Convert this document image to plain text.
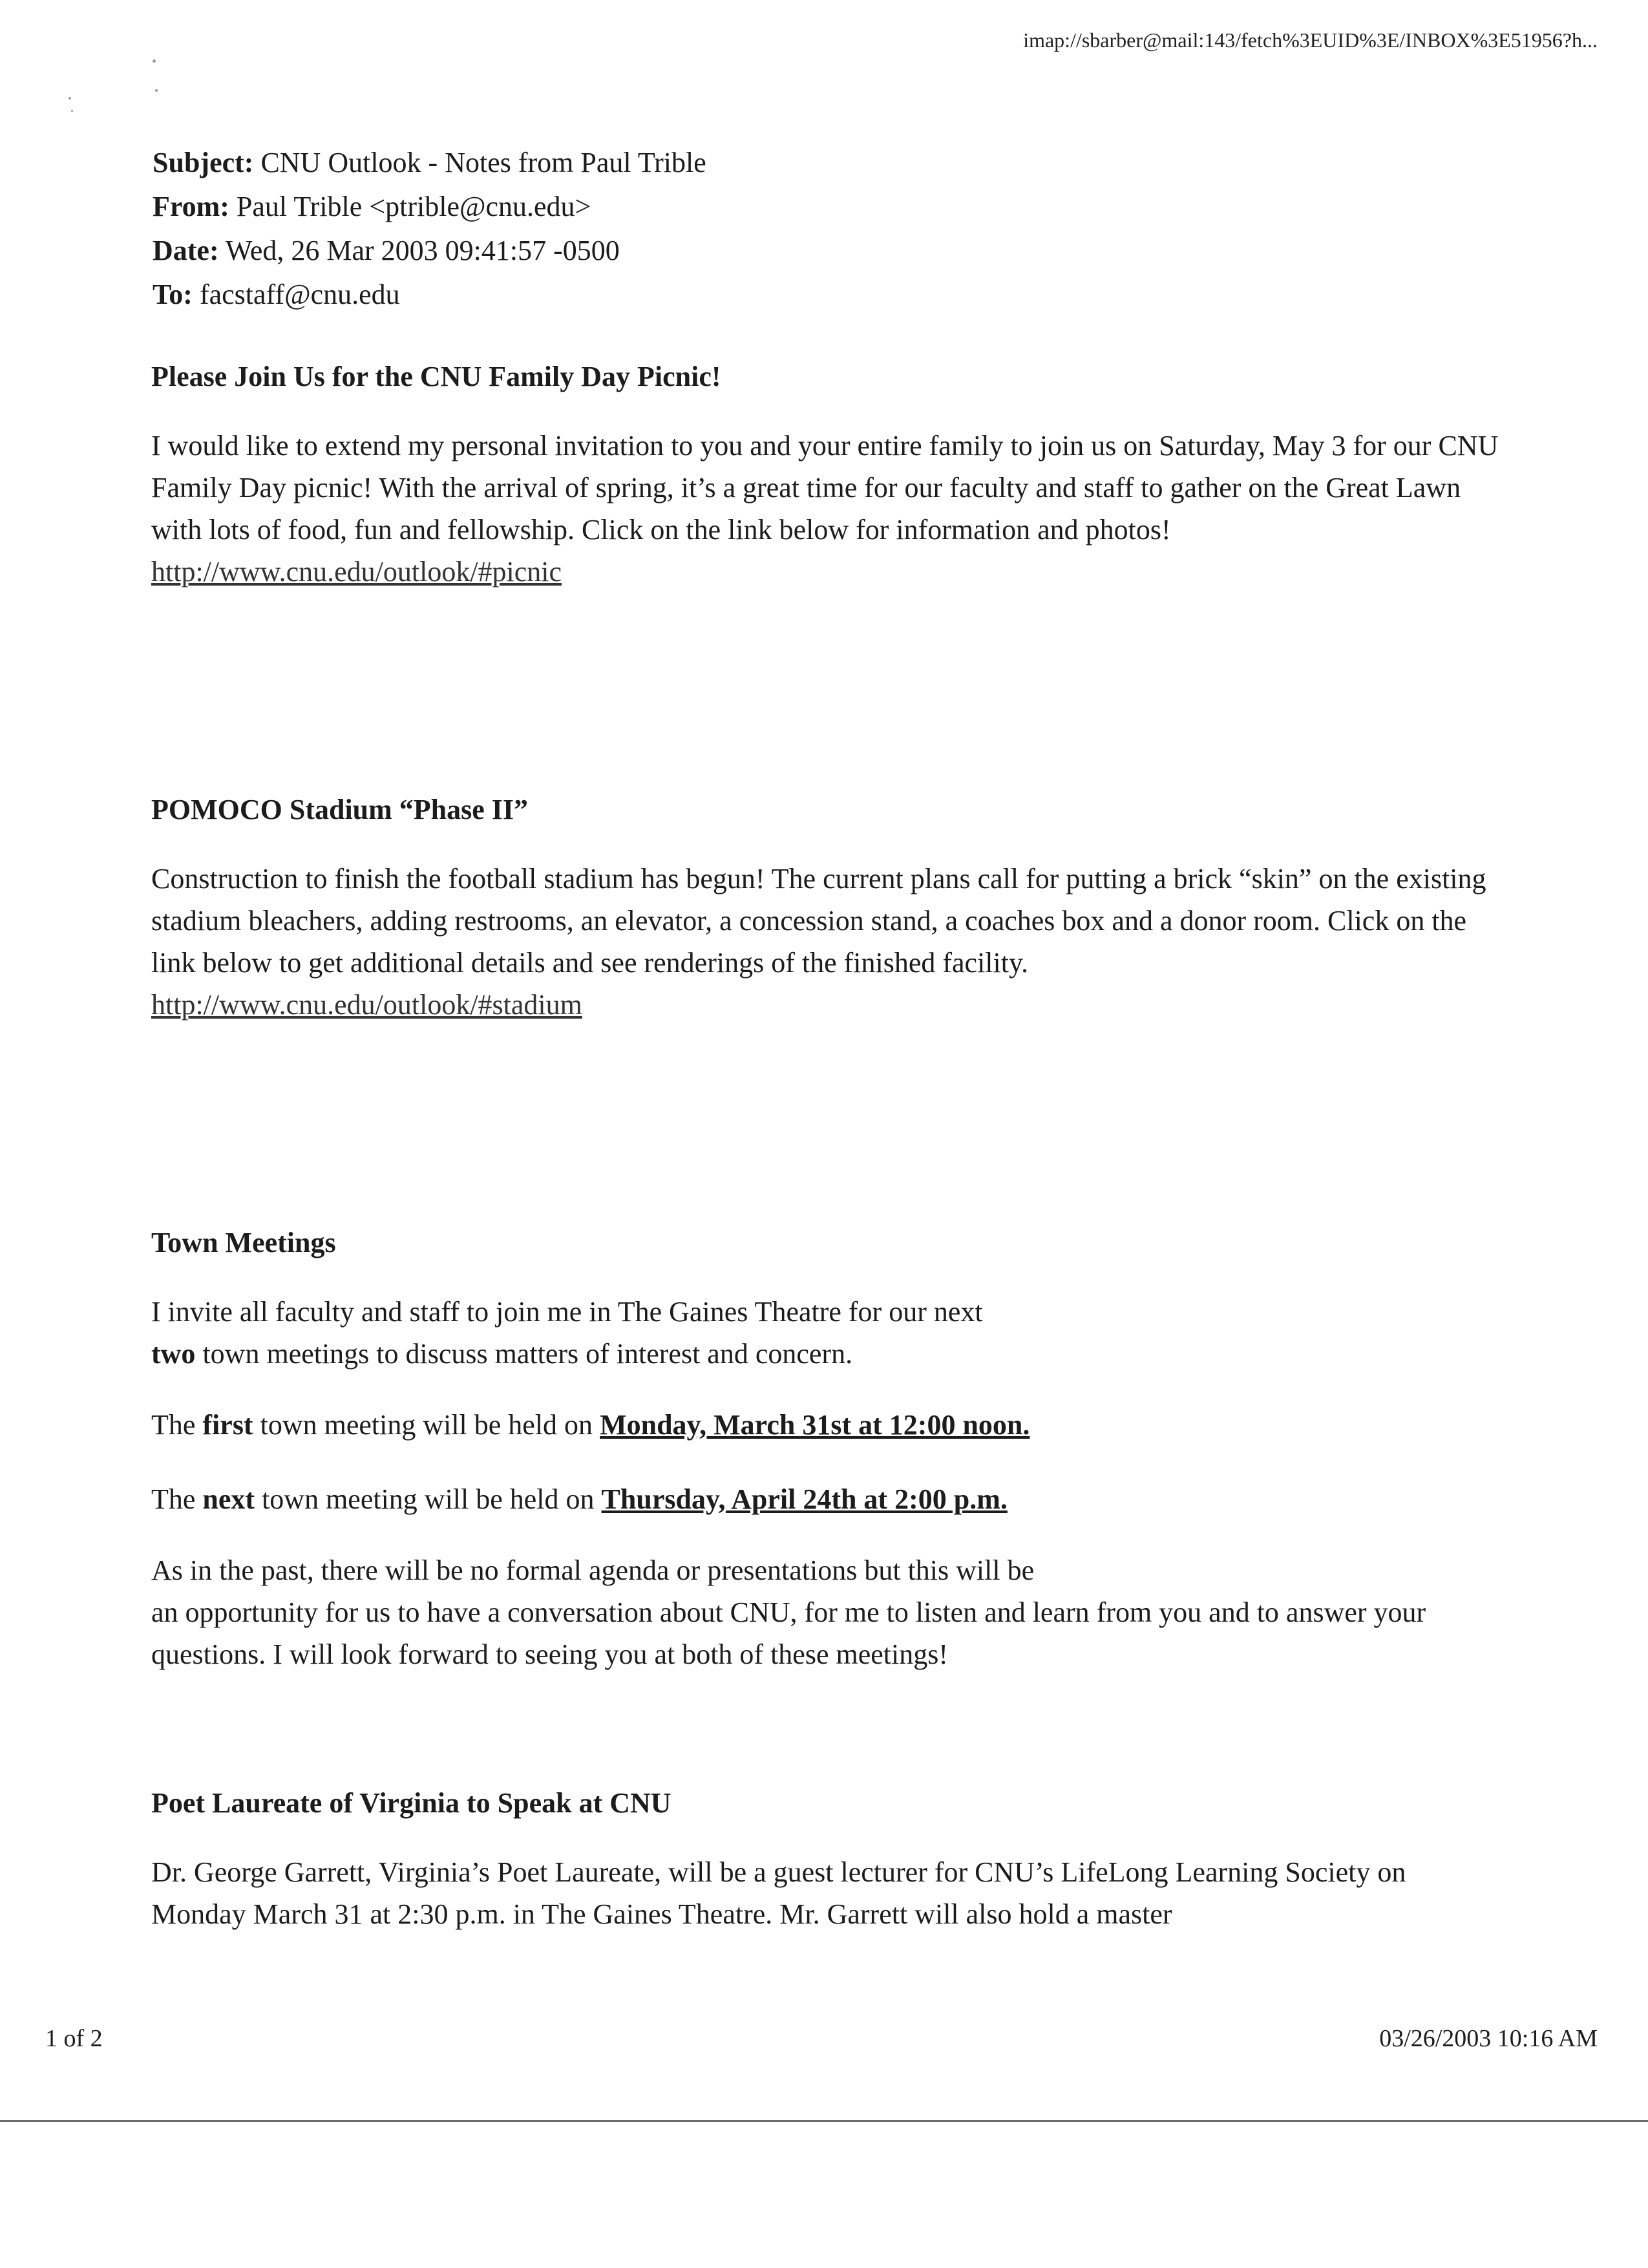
imap://sbarber@mail:143/fetch%3EUID%3E/INBOX%3E51956?h...
Subject: CNU Outlook - Notes from Paul Trible
From: Paul Trible <ptrible@cnu.edu>
Date: Wed, 26 Mar 2003 09:41:57 -0500
To: facstaff@cnu.edu
Please Join Us for the CNU Family Day Picnic!

I would like to extend my personal invitation to you and your entire family to join us on Saturday, May 3 for our CNU Family Day picnic! With the arrival of spring, it’s a great time for our faculty and staff to gather on the Great Lawn with lots of food, fun and fellowship. Click on the link below for information and photos!

http://www.cnu.edu/outlook/#picnic
POMOCO Stadium “Phase II”

Construction to finish the football stadium has begun! The current plans call for putting a brick “skin” on the existing stadium bleachers, adding restrooms, an elevator, a concession stand, a coaches box and a donor room. Click on the link below to get additional details and see renderings of the finished facility.

http://www.cnu.edu/outlook/#stadium
Town Meetings

I invite all faculty and staff to join me in The Gaines Theatre for our next
two town meetings to discuss matters of interest and concern.

The first town meeting will be held on Monday, March 31st at 12:00 noon.

The next town meeting will be held on Thursday, April 24th at 2:00 p.m.

As in the past, there will be no formal agenda or presentations but this will be
an opportunity for us to have a conversation about CNU, for me to listen and learn from you and to answer your questions. I will look forward to seeing you at both of these meetings!

Poet Laureate of Virginia to Speak at CNU

Dr. George Garrett, Virginia’s Poet Laureate, will be a guest lecturer for CNU’s LifeLong Learning Society on Monday March 31 at 2:30 p.m. in The Gaines Theatre. Mr. Garrett will also hold a master

1 of 2	03/26/2003 10:16 AM
